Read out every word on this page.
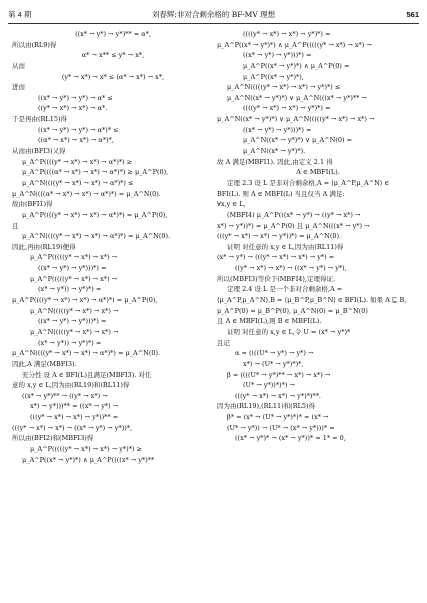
第 4 期	刘春辉:非对合剩余格的 BF-MV 理想	561
((x* → y*) → y*)** = α*,
所以由(RL9)得
α* → x** ≤ y* → x*,
从而
(y* → x*) → x* ≤ (α* → x*) → x*,
进而
((x* → y*) → y*) → α* ≤
((y* → x*) → x*) → α*.
于是再由(RL15)得
((x* → y*) → y*) → α*)* ≤
((α* → x*) → x*) → α*)*,
从而由(BFI3)又得
μ_A^P((((y* → x*) → x*) → α*)*) ≥
μ_A^P((((α* → x*) → x*) → α*)*) ≥ μ_A^P(0),
μ_A^N((((y* → x*) → x*) → α*)*) ≤
μ_A^N((((α* → x*) → x*) → α*)*) = μ_A^N(0).
故由(BFI1)得
μ_A^P((((y* → x*) → x*) → α*)*) = μ_A^P(0),
且
μ_A^N((((y* → x*) → x*) → α*)*) = μ_A^N(0).
因此,再由(RL19)便得
μ_A^P(((((y* → x*) → x*) →
((x* → y*) → y*)))*) =
μ_A^P(((((y* → x*) → x*) →
(x* → y*)) → y*)*) =
μ_A^P((((y* → x*) → x*) → α*)*) = μ_A^P(0),
μ_A^N(((((y* → x*) → x*) →
((x* → y*) → y*)))*) =
μ_A^N(((((y* → x*) → x*) →
(x* → y*)) → y*)*) =
μ_A^N((((y* → x*) → x*) → α*)*) = μ_A^N(0).
因此,A 满足(MBFI3).
充分性 设 A ∈ BFI(L)且满足(MBFI3). 对任
意的 x,y ∈ L,因为由(RL19)和(RL11)得
((x* → y*)** → ((y* → x*) →
x*) → y*)))** = ((x* → y*) →
(((y* → x*) → x*) → y*))** =
(((y* → x*) → x*) → ((x* → y*) → y*))*,
所以由(BFI2)和(MBFI3)得
μ_A^P(((((y* → x*) → x*) → y*)*) ≥
μ_A^P((x* → y*)*) ∧ μ_A^P((((x* → y*)**
((((y* → x*) → x*) → y*)*) =
μ_A^P((x* → y*)*) ∧ μ_A^P(((((y* → x*) → x*) →
((x* → y*) → y*)))*) =
μ_A^P((x* → y*)*) ∧ μ_A^P(0) =
μ_A^P((x* → y*)*),
μ_A^N(((((y* → x*) → x*) → y*)*) ≤
μ_A^N((x* → y*)*) ∨ μ_A^N(((x* → y*)** →
((((y* → x*) → x*) → y*)*) =
μ_A^N((x* → y*)*) ∨ μ_A^N(((((y* → x*) → x*) →
((x* → y*) → y*)))*) =
μ_A^N((x* → y*)*) ∨ μ_A^N(0) =
μ_A^N((x* → y*)*).
故 A 满足(MBFI1). 因此,由定义 2.1 得
A ∈ MBFI(L).
定理 2.3 设 L 是非对合剩余格,A = ⟨μ_A^P,μ_A^N⟩ ∈
BFI(L). 则 A ∈ MBFI(L) 当且仅当 A 满足:
∀x,y ∈ L,
(MBFI4) μ_A^P(((x* → y*) → ((y* → x*) →
x*) → y*))*) = μ_A^P(0) 且 μ_A^N(((x* → y*) →
(((y* → x*) → x*) → y*))*) = μ_A^N(0).
证明 对任意的 x,y ∈ L,因为由(RL11)得
(x* → y*) → (((y* → x*) → x*) → y*) =
((y* → x*) → x*) → ((x* → y*) → y*),
所以(MBFI3)等价于(MBFI4),定理得证.
定理 2.4 设 L 是一个非对合剩余格,A =
⟨μ_A^P,μ_A^N⟩,B = ⟨μ_B^P,μ_B^N⟩ ∈ BFI(L). 如果 A ⊑ B,
μ_A^P(0) = μ_B^P(0), μ_A^N(0) = μ_B^N(0)
且 A ∈ MBFI(L),则 B ∈ MBFI(L).
证明 对任意的 x,y ∈ L,令 U = (x* → y*)*
且记
α = ((((U* → y*) → y*) →
x*) → (U* → y*)*)*,
β = ((((U* → y*)** → x*) → x*) →
(U* → y*))*)*) →
(((y* → x*) → x*) → y*)*)**.
因为由(RL19),(RL11)和(RL5)得
β* = (x* → (U* → y*)*)* = (x* →
(U* → y*)) → (U* → (x* → y*)))* =
((x* → y*)* → (x* → y*))* = 1* = 0,
